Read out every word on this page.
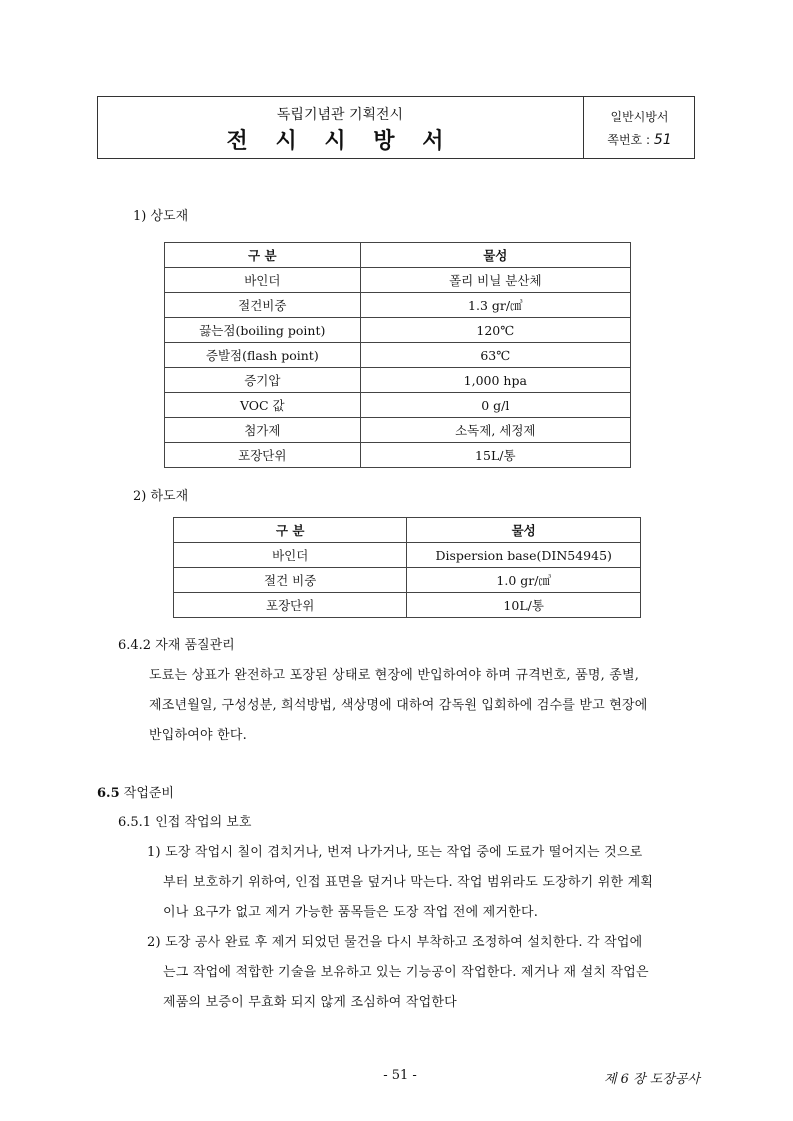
독립기념관 기획전시
전 시 시 방 서
일반시방서
쪽번호 : 51
1) 상도재
구 분	물성
바인더	폴리 비닐 분산체
절건비중	1.3 gr/㎤
끓는점(boiling point)	120℃
증발점(flash point)	63℃
증기압	1,000 hpa
VOC 값	0 g/l
첨가제	소독제, 세정제
포장단위	15L/통
2) 하도재
구 분	물성
바인더	Dispersion base(DIN54945)
절건 비중	1.0 gr/㎤
포장단위	10L/통
6.4.2 자재 품질관리
도료는 상표가 완전하고 포장된 상태로 현장에 반입하여야 하며 규격번호, 품명, 종별,
제조년월일, 구성성분, 희석방법, 색상명에 대하여 감독원 입회하에 검수를 받고 현장에
반입하여야 한다.
6.5 작업준비
6.5.1 인접 작업의 보호
1) 도장 작업시 칠이 겹치거나, 번져 나가거나, 또는 작업 중에 도료가 떨어지는 것으로
부터 보호하기 위하여, 인접 표면을 덮거나 막는다. 작업 범위라도 도장하기 위한 계획
이나 요구가 없고 제거 가능한 품목들은 도장 작업 전에 제거한다.
2) 도장 공사 완료 후 제거 되었던 물건을 다시 부착하고 조정하여 설치한다. 각 작업에
는그 작업에 적합한 기술을 보유하고 있는 기능공이 작업한다. 제거나 재 설치 작업은
제품의 보증이 무효화 되지 않게 조심하여 작업한다
- 51 -	제 6 장 도장공사
